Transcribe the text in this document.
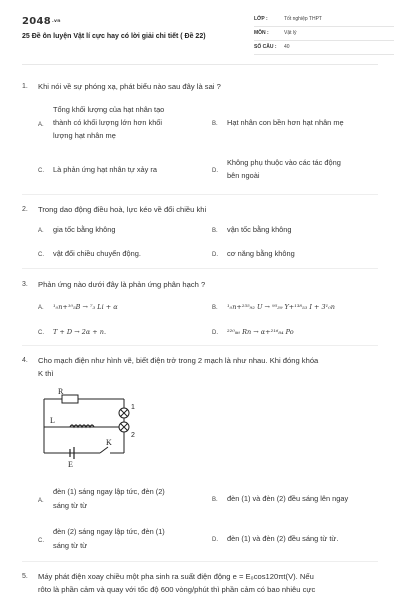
2048.vn
25 Đề ôn luyện Vật lí cực hay có lời giải chi tiết ( Đề 22)
LỚP :	Tốt nghiệp THPT
MÔN :	Vật lý
SỐ CÂU : 40
1. Khi nói về sự phóng xạ, phát biểu nào sau đây là sai ?
A.
Tổng khối lượng của hạt nhân tạo
thành có khối lượng lớn hơn khối
lượng hạt nhân mẹ
B. Hạt nhân con bền hơn hạt nhân mẹ
C. Là phản ứng hạt nhân tự xảy ra	D.
Không phụ thuộc vào các tác động
bên ngoài
2. Trong dao động điều hoà, lực kéo về đổi chiều khi
A. gia tốc bằng không	B. vận tốc bằng không
C. vật đổi chiều chuyển động.	D. cơ năng bằng không
3. Phản ứng nào dưới đây là phản ứng phân hạch ?
A. ¹₀n+¹⁰₅B → ⁷₃ Li + α	B. ¹₀n+²³⁵₉₂ U → ⁹⁵₃₉ Y+¹³⁸₅₃ I + 3¹₀n
C. T + D → 2α + n.	D. ²²⁰₈₆ Rn → α+²¹⁶₈₄ Po
4. Cho mạch điện như hình vẽ, biết điện trở trong 2 mạch là như nhau. Khi đóng khóa
K thì
R
L
E
K
1
2
A.
đèn (1) sáng ngay lập tức, đèn (2)
sáng từ từ
B. đèn (1) và đèn (2) đều sáng lên ngay
C.
đèn (2) sáng ngay lập tức, đèn (1)
sáng từ từ
D. đèn (1) và đèn (2) đều sáng từ từ.
5. Máy phát điện xoay chiều một pha sinh ra suất điện động e = E₀cos120πt(V). Nếu
rôto là phần cảm và quay với tốc độ 600 vòng/phút thì phần cảm có bao nhiêu cực
